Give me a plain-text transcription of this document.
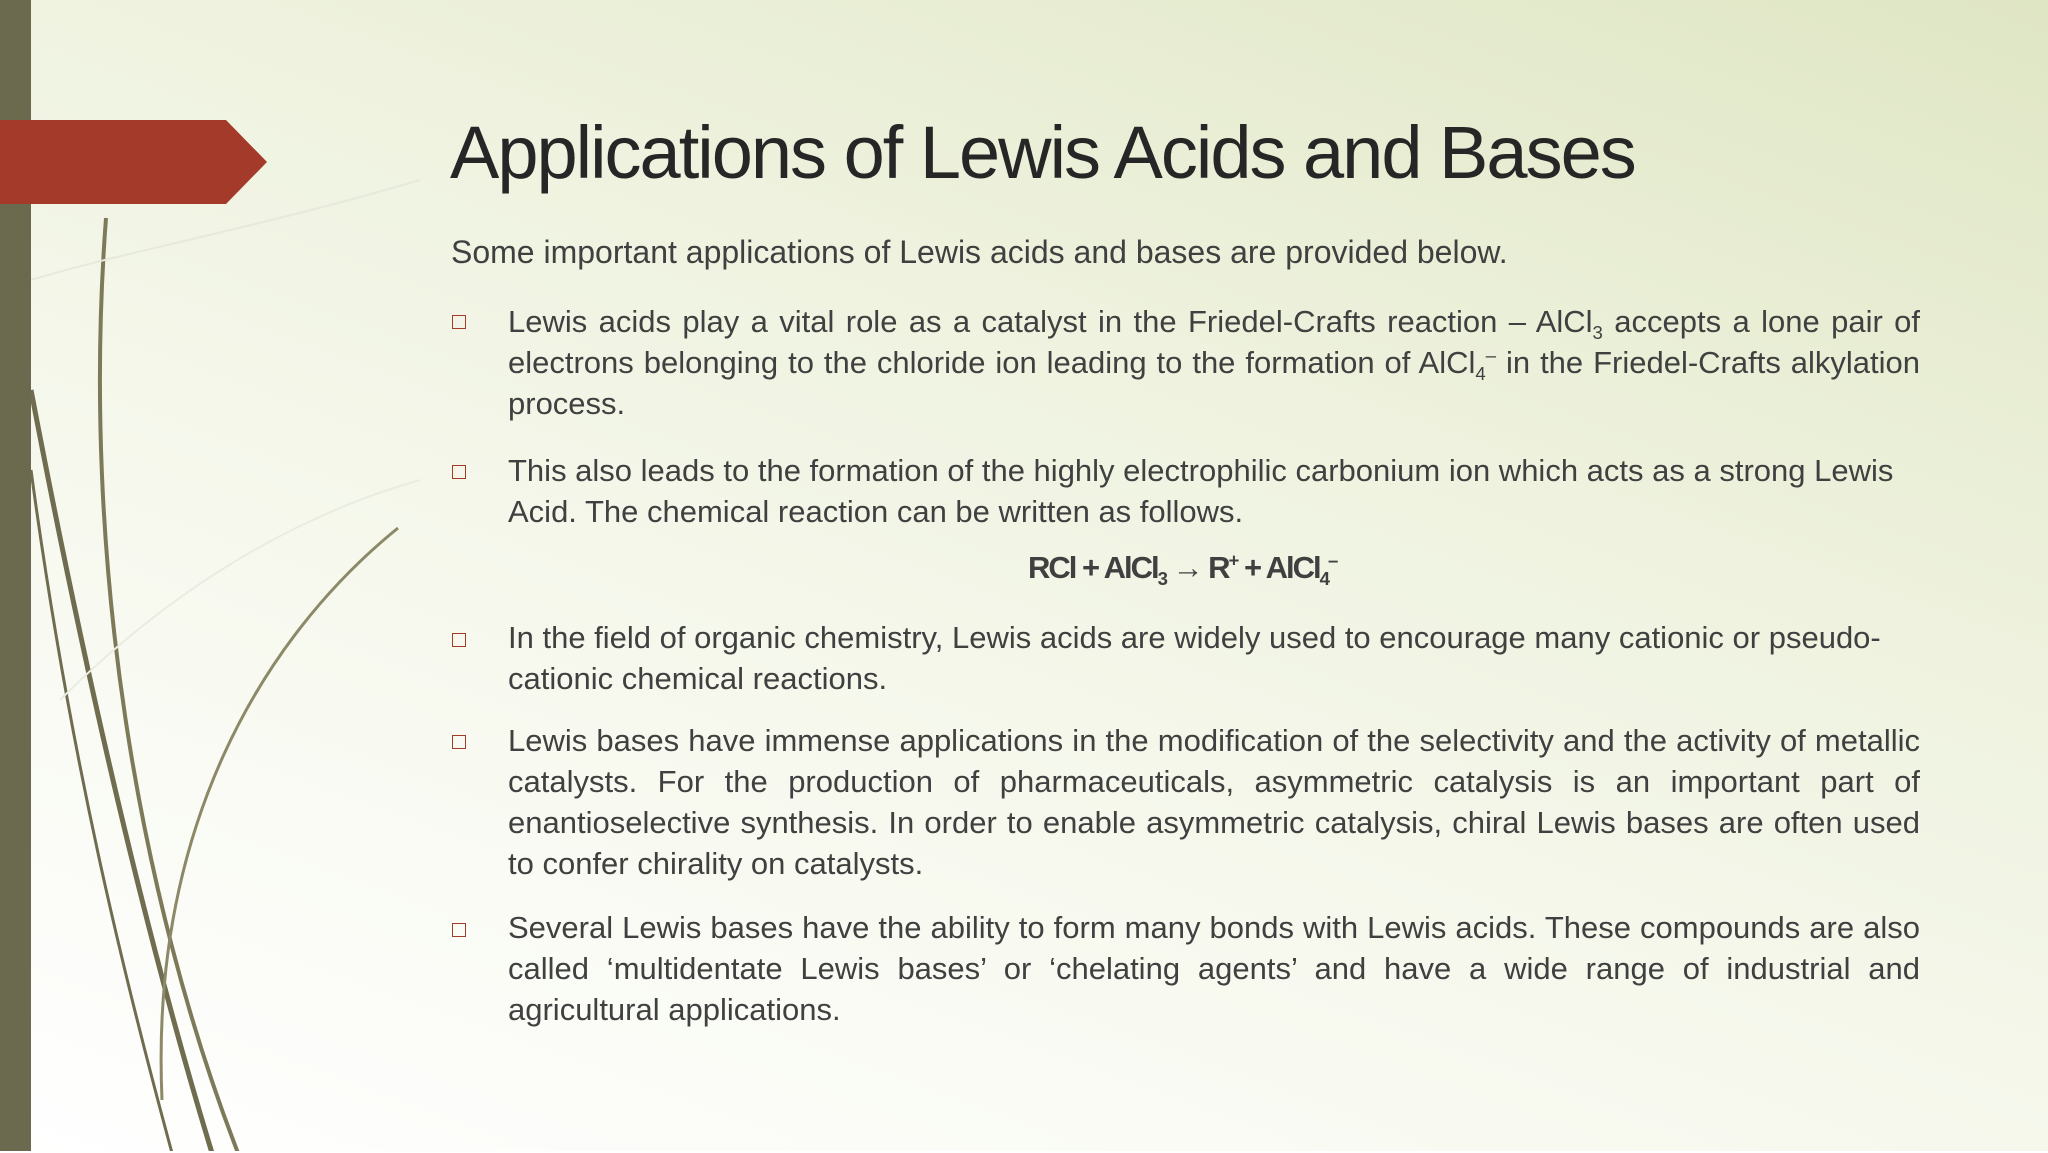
Applications of Lewis Acids and Bases

Some important applications of Lewis acids and bases are provided below.

Lewis acids play a vital role as a catalyst in the Friedel-Crafts reaction – AlCl$_3$ accepts a lone pair of electrons belonging to the chloride ion leading to the formation of AlCl$_4$– in the Friedel-Crafts alkylation process.

This also leads to the formation of the highly electrophilic carbonium ion which acts as a strong Lewis Acid. The chemical reaction can be written as follows.

RCl + AlCl$_3$ → R+ + AlCl$_4$–

In the field of organic chemistry, Lewis acids are widely used to encourage many cationic or pseudo-cationic chemical reactions.

Lewis bases have immense applications in the modification of the selectivity and the activity of metallic catalysts. For the production of pharmaceuticals, asymmetric catalysis is an important part of enantioselective synthesis. In order to enable asymmetric catalysis, chiral Lewis bases are often used to confer chirality on catalysts.

Several Lewis bases have the ability to form many bonds with Lewis acids. These compounds are also called ‘multidentate Lewis bases’ or ‘chelating agents’ and have a wide range of industrial and agricultural applications.
